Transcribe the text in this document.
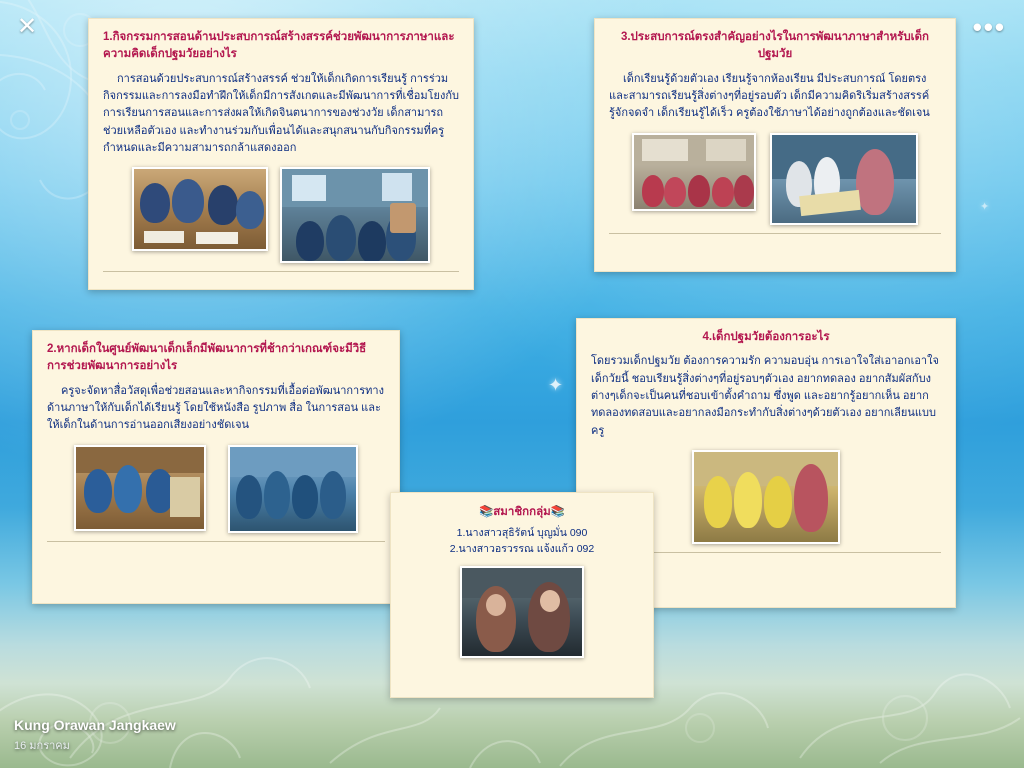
✦
✦
✕	•••
1.กิจกรรมการสอนด้านประสบการณ์สร้างสรรค์ช่วยพัฒนาการภาษาและความคิดเด็กปฐมวัยอย่างไร
การสอนด้วยประสบการณ์สร้างสรรค์ ช่วยให้เด็กเกิดการเรียนรู้ การร่วมกิจกรรมและการลงมือทำฝึกให้เด็กมีการสังเกตและมีพัฒนาการที่เชื่อมโยงกับการเรียนการสอนและการส่งผลให้เกิดจินตนาการของช่วงวัย เด็กสามารถช่วยเหลือตัวเอง และทำงานร่วมกับเพื่อนได้และสนุกสนานกับกิจกรรมที่ครูกำหนดและมีความสามารถกล้าแสดงออก
3.ประสบการณ์ตรงสำคัญอย่างไรในการพัฒนาภาษาสำหรับเด็กปฐมวัย
เด็กเรียนรู้ด้วยตัวเอง เรียนรู้จากห้องเรียน มีประสบการณ์ โดยตรงและสามารถเรียนรู้สิ่งต่างๆที่อยู่รอบตัว เด็กมีความคิดริเริ่มสร้างสรรค์ รู้จักจดจำ เด็กเรียนรู้ได้เร็ว ครูต้องใช้ภาษาได้อย่างถูกต้องและชัดเจน
2.หากเด็กในศูนย์พัฒนาเด็กเล็กมีพัฒนาการที่ช้ากว่าเกณฑ์จะมีวิธีการช่วยพัฒนาการอย่างไร
ครูจะจัดหาสื่อวัสดุเพื่อช่วยสอนและหากิจกรรมที่เอื้อต่อพัฒนาการทางด้านภาษาให้กับเด็กได้เรียนรู้ โดยใช้หนังสือ รูปภาพ สื่อ ในการสอน และให้เด็กในด้านการอ่านออกเสียงอย่างชัดเจน
4.เด็กปฐมวัยต้องการอะไร
โดยรวมเด็กปฐมวัย ต้องการความรัก ความอบอุ่น การเอาใจใส่เอาอกเอาใจ เด็กวัยนี้ ชอบเรียนรู้สิ่งต่างๆที่อยู่รอบๆตัวเอง อยากทดลอง อยากสัมผัสกับงต่างๆเด็กจะเป็นคนที่ชอบเข้าตั้งคำถาม ซึ่งพูด และอยากรู้อยากเห็น อยากทดลองทดสอบและอยากลงมือกระทำกับสิ่งต่างๆด้วยตัวเอง อยากเลียนแบบครู
📚สมาชิกกลุ่ม📚
1.นางสาวสุธิรัตน์ บุญมั่น 090
2.นางสาวอรวรรณ แจ้งแก้ว 092
Kung Orawan Jangkaew
16 มกราคม
